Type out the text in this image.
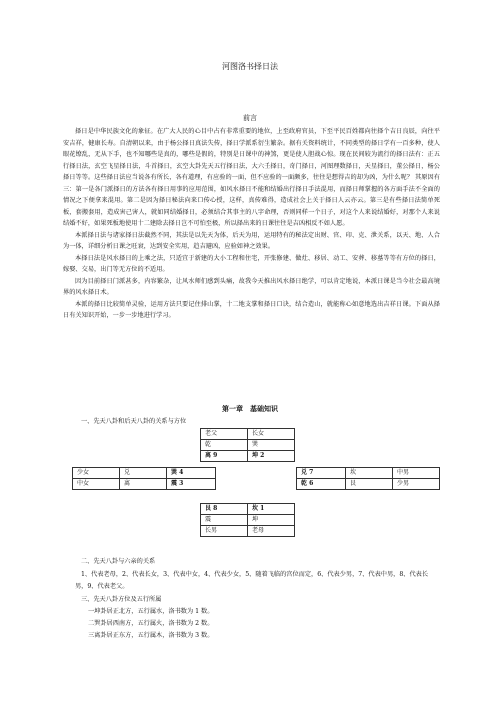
河图洛书择日法
前言

择日是中华民族文化的象征。在广大人民的心目中占有非常重要的地位，上至政府官员，下至平民百姓都向往择个吉日良辰，向往平安吉祥，健康长寿。自清朝以来，由于杨公择日真法失传，择日学派系衍生繁杂。据有关资料统计，不同类型的择日学有一百多种，使人眼花缭乱，无从下手，也不知哪些是真的，哪些是假的，特别是日课中的神煞，更是使人胆战心惊。现在民间较为流行的择日法有：正五行择日法，玄空飞星择日法，斗首择日，玄空大卦先天五行择日法，大六壬择日，奇门择日，河图理数择日，天星择日，董公择日，杨公择日等等。这些择日法应当说各有所长，各有道理，有应验的一面，但不应验的一面颇多，往往是想得吉的却为凶，为什么呢？ 其原因有三：第一是各门派择日的方法各有择日用事的应用范围，如风水择日不能和结婚出行择日手法混用，而择日师掌握的各方面手法不全面的情况之下便拿来混用。第二是因为择日秘法向来口传心授，这样，真传难得，造成社会上关于择日人云亦云。第三是有些择日法简单死板，套搬套用，造成害己害人，就如同结婚择日，必须结合其事主的八字命理，否则同样一个日子，对这个人来说结婚好，对那个人来说结婚不好，如果死板地使用十二建除去择日岂不可怕至极，所以择出来的日课往往是吉凶相反不如人愿。

本派择日法与诸家择日法截然不同，其法是以先天为体，后天为用，运用特有的秘法定出财、官、印、克、泄关系，以天、地、人合为一体，详细分析日课之旺衰，达到安全实用，趋吉避凶，应验如神之效果。

本择日法是风水择日的上乘之法，只适宜于新建的大小工程和住宅，开张修建、做灶、移居、动工、安葬、移墓等等有方位的择日，嫁娶、交易，出门等无方位的不适用。

因为目前择日门派甚多，内容繁杂，让风水师们感到头痛，故我今天推出风水择日绝学，可以肯定地说，本派日课是当今社会最高境界的风水择日术。

本派的择日比较简单灵验，运用方法只要记住排山掌，十二地支掌和择日口诀，结合造山，就能称心如意地选出吉祥日课。下面从择日有关知识开始，一步一步地进行学习。

第一章　基础知识
一、先天八卦和后天八卦的关系与方位
老父	长女
乾	巽
离 9	坤 2
少女	兑	巽 4
中女	离	震 3
兑 7	坎	中男
乾 6	艮	少男
艮 8	坎 1
震	坤
长男	老母
二、先天八卦与六亲的关系

1、代表老母，2、代表长女，3、代表中女，4、代表少女，5、随着飞临的宫位而定，6、代表少男，7、代表中男，8、代表长男，9、代表老父。

三、先天八卦方位及五行所属
一坤卦居正北方，五行属水，洛书数为 1 数。
二巽卦居西南方，五行属火，洛书数为 2 数。
三离卦居正东方，五行属木，洛书数为 3 数。
